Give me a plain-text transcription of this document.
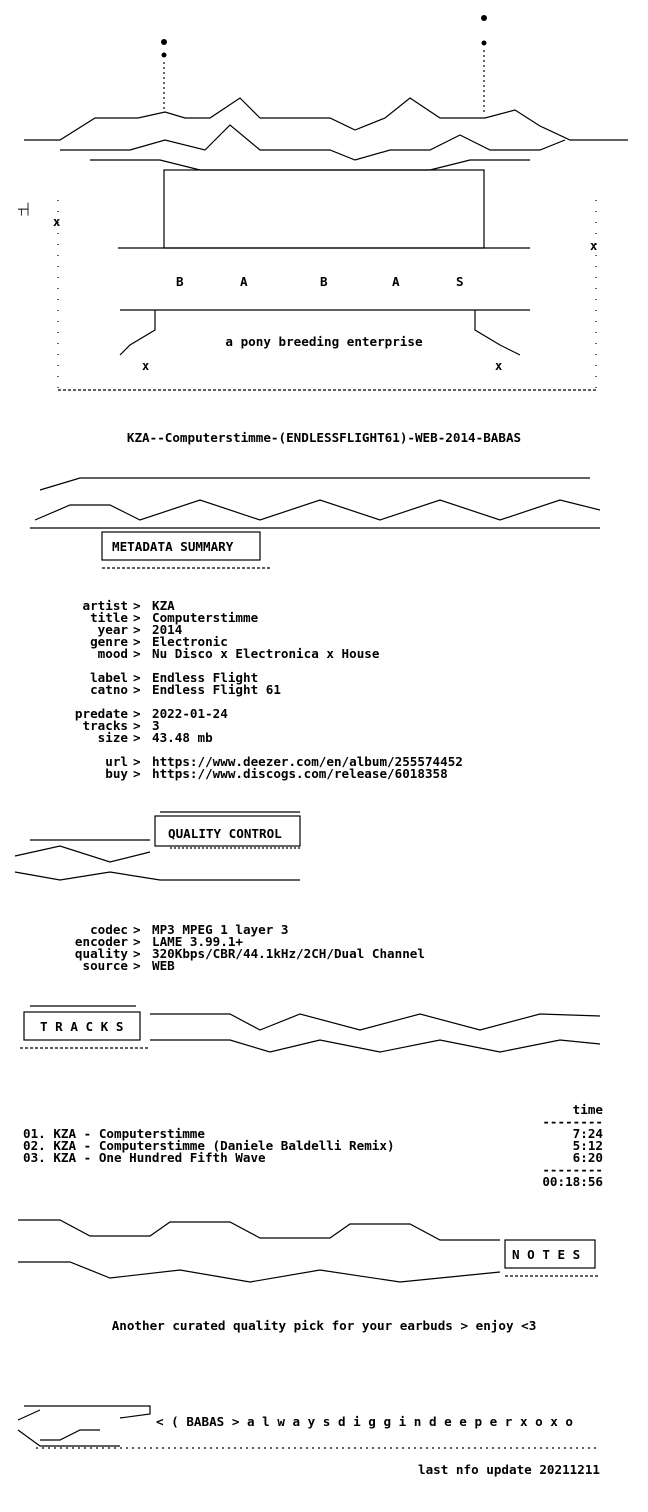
x
x
x	x
┬┤
B	A	B	A	S
a pony breeding enterprise
KZA--Computerstimme-(ENDLESSFLIGHT61)-WEB-2014-BABAS
METADATA SUMMARY
artist > KZA
title > Computerstimme
year > 2014
genre > Electronic
mood > Nu Disco x Electronica x House
label > Endless Flight
catno > Endless Flight 61
predate > 2022-01-24
tracks > 3
size > 43.48 mb
url > https://www.deezer.com/en/album/255574452
buy > https://www.discogs.com/release/6018358
QUALITY CONTROL
codec > MP3 MPEG 1 layer 3
encoder > LAME 3.99.1+
quality > 320Kbps/CBR/44.1kHz/2CH/Dual Channel
source > WEB
T R A C K S
time
--------
01. KZA - Computerstimme	7:24
02. KZA - Computerstimme (Daniele Baldelli Remix)	5:12
03. KZA - One Hundred Fifth Wave	6:20
--------
00:18:56
N O T E S
Another curated quality pick for your earbuds > enjoy <3
< ( BABAS > a l w a y s d i g g i n d e e p e r x o x o
last nfo update 20211211
